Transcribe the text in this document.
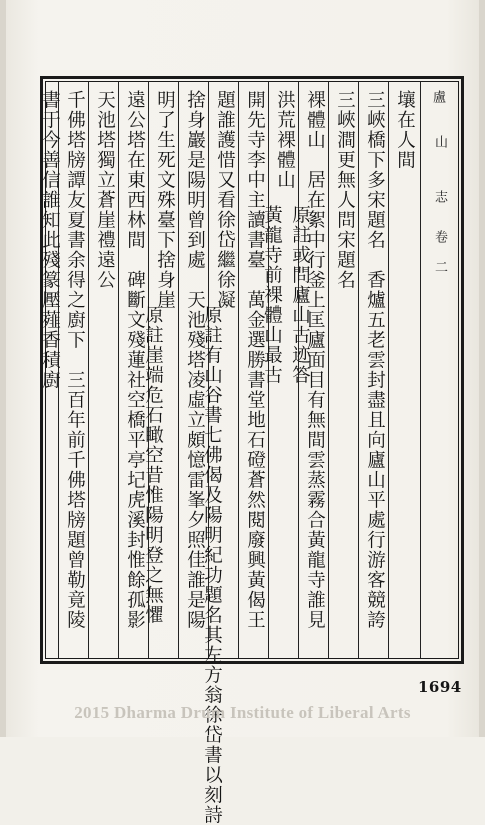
盧
山
志
卷
二
壤在人間
三峽橋下多宋題名　香爐五老雲封盡且向廬山平處行游客競誇
三峽澗更無人問宋題名
裸體山　居在絮中行釜上匡廬面目有無間雲蒸霧合黃龍寺誰見
洪荒裸體山
開先寺李中主讀書臺　萬金選勝書堂地石磴蒼然閱廢興黃偈王
題誰護惜又看徐岱繼徐凝
捨身巖是陽明曾到處　天池殘塔凌虛立頗憶雷峯夕照佳誰是陽
明了生死文殊臺下捨身崖
遠公塔在東西林間　碑斷文殘蓮社空橋平亭圮虎溪封惟餘孤影
天池塔獨立蒼崖禮遠公
千佛塔牓譚友夏書余得之廚下　三百年前千佛塔牓題曾勒竟陵
書于今善信誰知此殘篆壓薤香積廚	原註或問廬山古迹答
黃龍寺前裸體山最古
原註有山谷書七佛偈及陽明紀功題名其左方翁徐岱書以刻詩
原註崖端危石瞰空昔惟陽明登之無懼
1694
2015 Dharma Drum Institute of Liberal Arts
